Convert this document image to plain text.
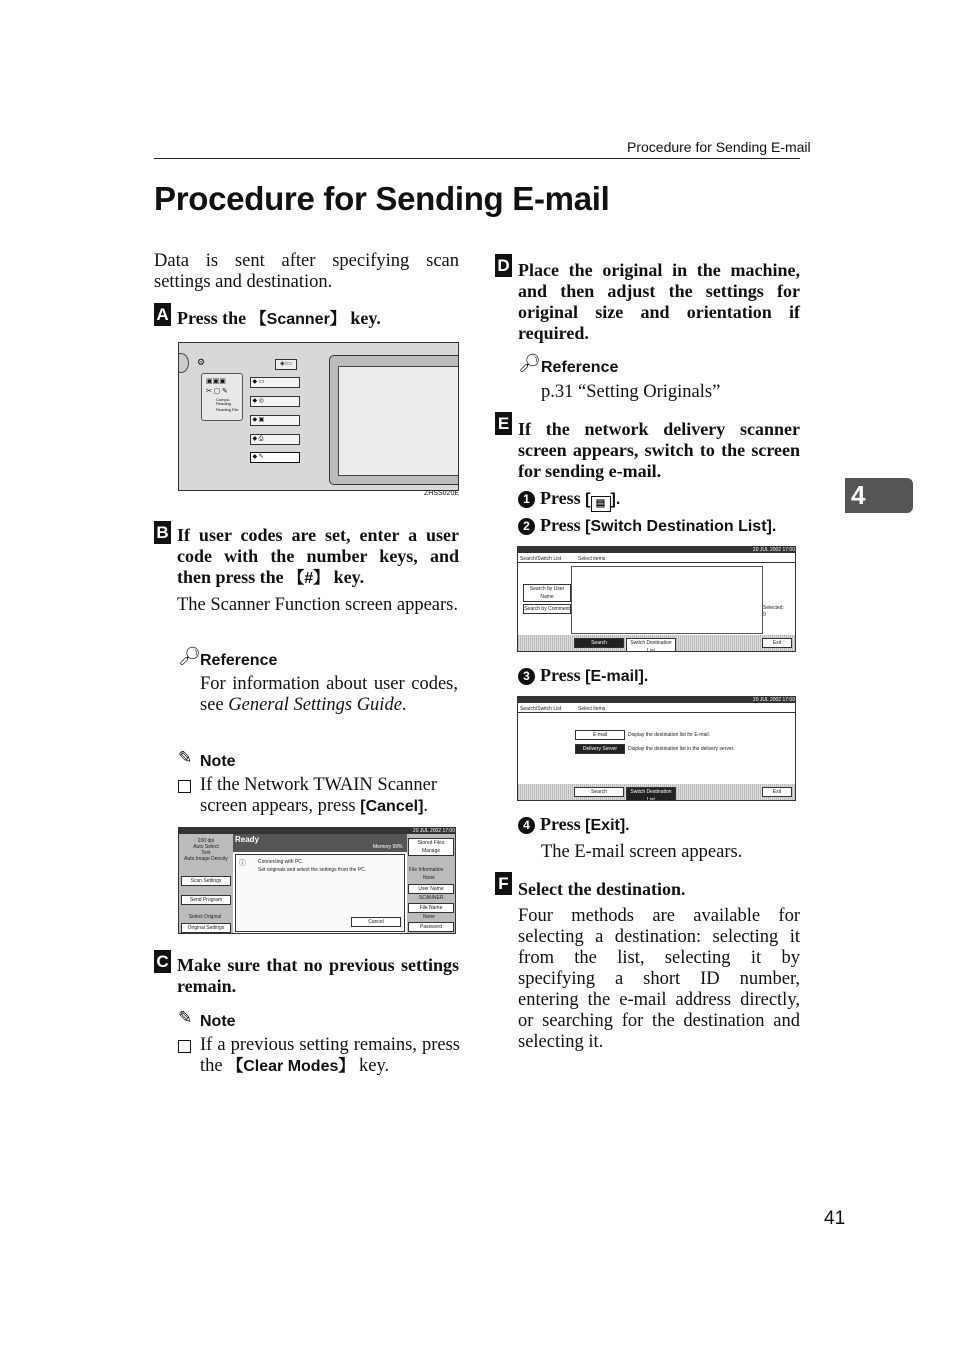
Procedure for Sending E-mail
Procedure for Sending E-mail
4
41
Data is sent after specifying scan settings and destination.
A Press the 【Scanner】 key.
⚙	◈/▭
▣▣▣
✂ ▢ ✎
Compo-Reading
Reading File
◆ ▭
◆ ◎
◆ ▣
◆ ⎙
◆ ✎
ZHSS020E
B If user codes are set, enter a user code with the number keys, and then press the 【#】 key.
The Scanner Function screen appears.
🔎︎ Reference
For information about user codes, see General Settings Guide.
✎ Note
If the Network TWAIN Scanner screen appears, press [Cancel].
20 JUL 2002 17:00
200 dpi
Auto Select
Text
Auto Image Density
Scan Settings
Send Program
Select Original
Original Settings
Ready
Memory 99%
ⓘ Connecting with PC.
Set originals and select the settings from the PC.
Cancel
Stored Files Manage
File Information
None
User Name
SCANNER
File Name
None
Password
C Make sure that no previous settings remain.
✎ Note
If a previous setting remains, press the 【Clear Modes】 key.
D Place the original in the machine, and then adjust the settings for original size and orientation if required.
🔎︎ Reference
p.31 “Setting Originals”
E If the network delivery scanner screen appears, switch to the screen for sending e-mail.
1 Press [ ▤ ].
2 Press [Switch Destination List].
20 JUL 2002 17:00
Search/Switch List	Select items.
Search by User Name
Search by Comment	Selected:
0
Search	Switch Destination List
Exit
3 Press [E-mail].
20 JUL 2002 17:00
Search/Switch List	Select items.
E-mail	Display the destination list for E-mail.
Delivery Server	Display the destination list in the delivery server.
Search	Switch Destination List
Exit
4 Press [Exit].
The E-mail screen appears.
F Select the destination.
Four methods are available for selecting a destination: selecting it from the list, selecting it by specifying a short ID number, entering the e-mail address directly, or searching for the destination and selecting it.
